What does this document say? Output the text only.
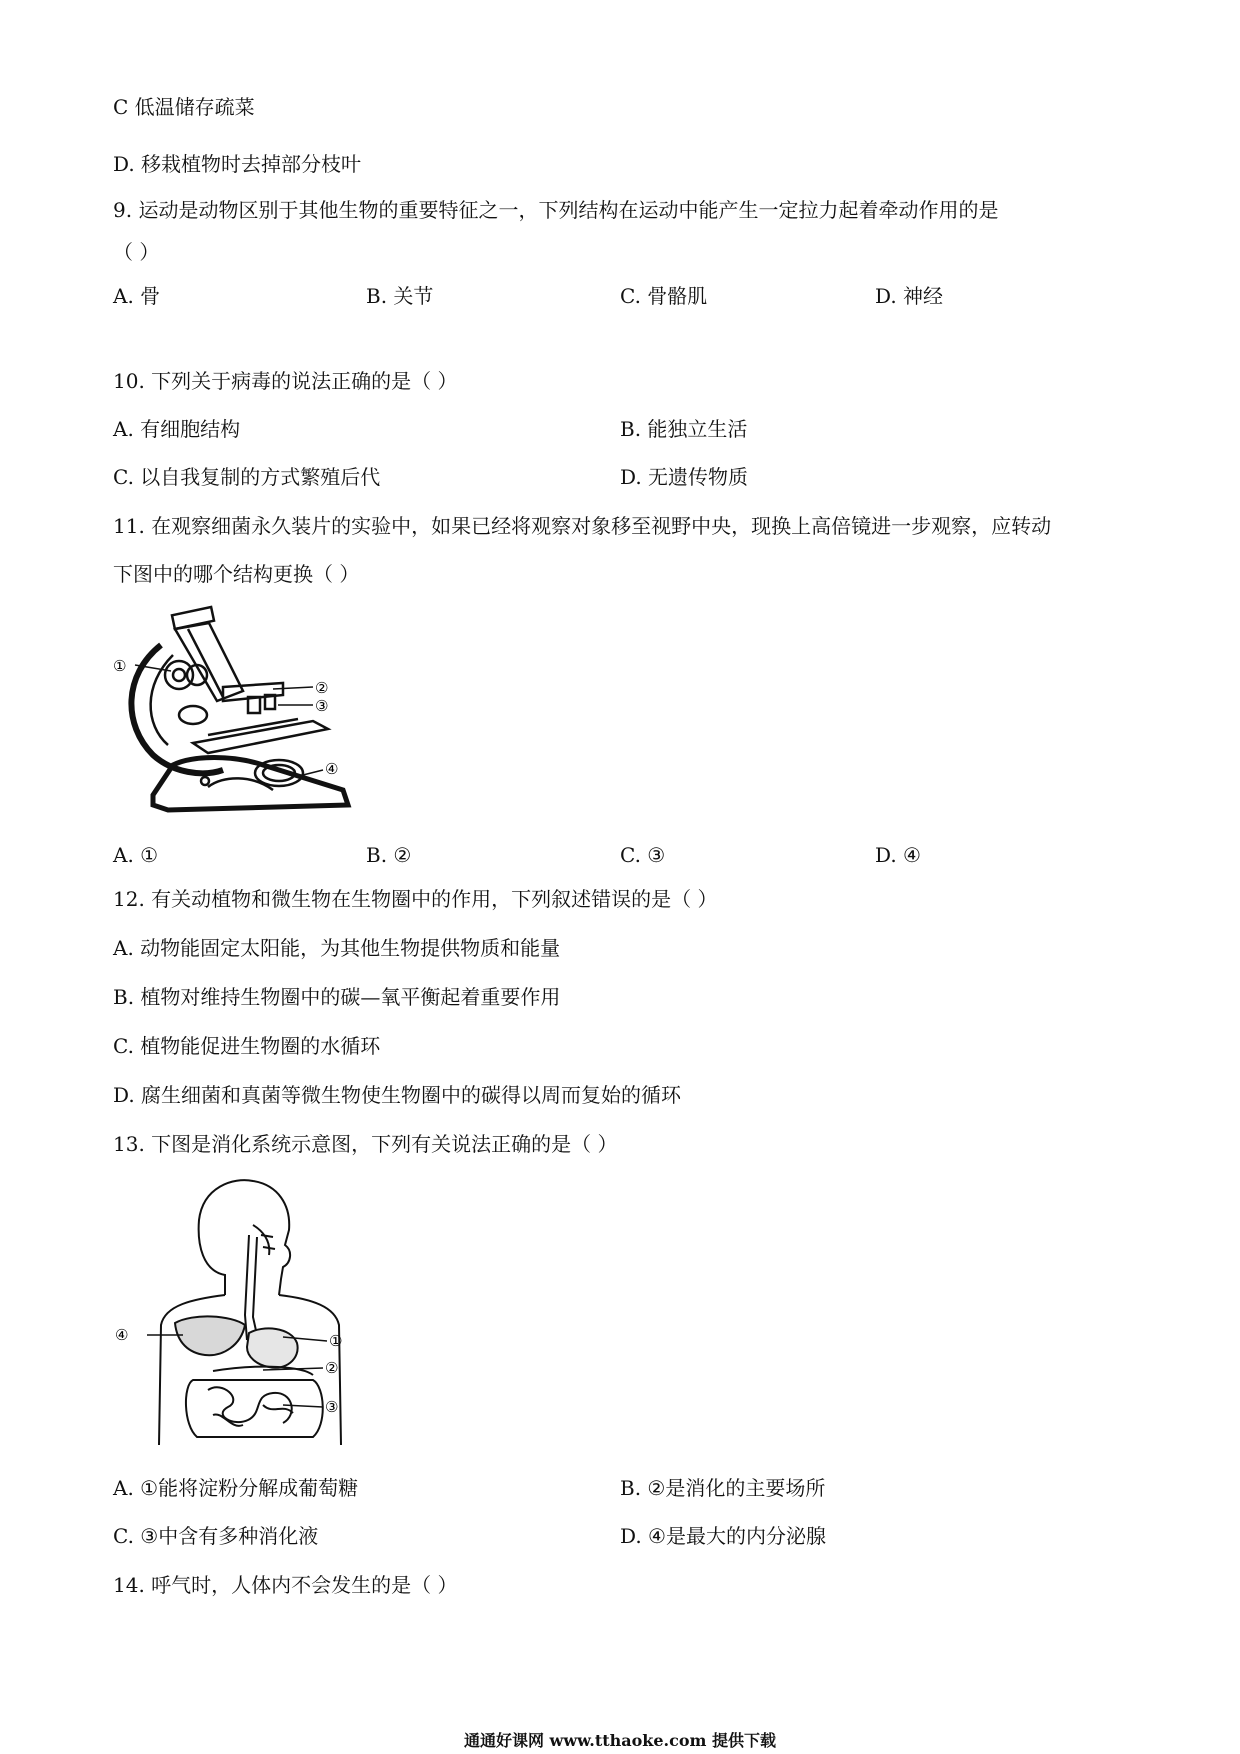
C 低温储存疏菜
D. 移栽植物时去掉部分枝叶
9. 运动是动物区别于其他生物的重要特征之一，下列结构在运动中能产生一定拉力起着牵动作用的是
（ ）
A. 骨	B. 关节	C. 骨骼肌	D. 神经
10. 下列关于病毒的说法正确的是（ ）
A. 有细胞结构	B. 能独立生活
C. 以自我复制的方式繁殖后代	D. 无遗传物质
11. 在观察细菌永久装片的实验中，如果已经将观察对象移至视野中央，现换上高倍镜进一步观察，应转动
下图中的哪个结构更换（ ）
①
②
③
④
A. ①	B. ②	C. ③	D. ④
12. 有关动植物和微生物在生物圈中的作用，下列叙述错误的是（ ）
A. 动物能固定太阳能，为其他生物提供物质和能量
B. 植物对维持生物圈中的碳—氧平衡起着重要作用
C. 植物能促进生物圈的水循环
D. 腐生细菌和真菌等微生物使生物圈中的碳得以周而复始的循环
13. 下图是消化系统示意图，下列有关说法正确的是（ ）
④	①
②
③
A. ①能将淀粉分解成葡萄糖	B. ②是消化的主要场所
C. ③中含有多种消化液	D. ④是最大的内分泌腺
14. 呼气时，人体内不会发生的是（ ）
通通好课网 www.tthaoke.com 提供下载
